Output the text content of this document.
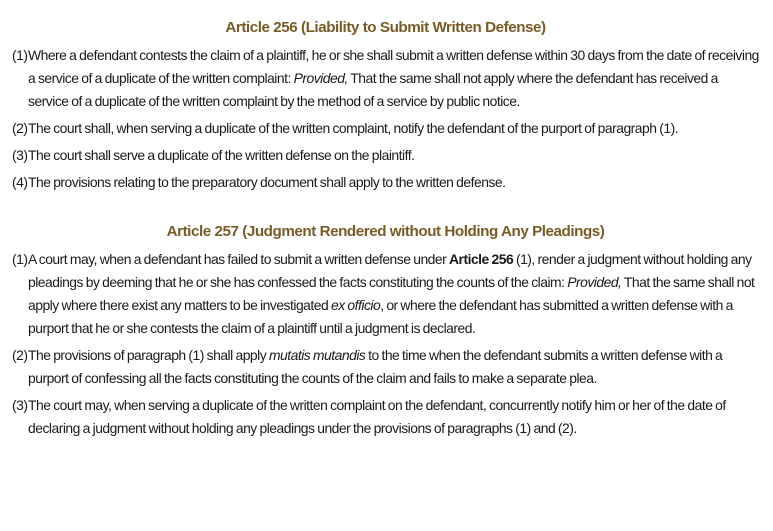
Article 256 (Liability to Submit Written Defense)
(1) Where a defendant contests the claim of a plaintiff, he or she shall submit a written defense within 30 days from the date of receiving a service of a duplicate of the written complaint: Provided, That the same shall not apply where the defendant has received a service of a duplicate of the written complaint by the method of a service by public notice.
(2) The court shall, when serving a duplicate of the written complaint, notify the defendant of the purport of paragraph (1).
(3) The court shall serve a duplicate of the written defense on the plaintiff.
(4) The provisions relating to the preparatory document shall apply to the written defense.
Article 257 (Judgment Rendered without Holding Any Pleadings)
(1) A court may, when a defendant has failed to submit a written defense under Article 256 (1), render a judgment without holding any pleadings by deeming that he or she has confessed the facts constituting the counts of the claim: Provided, That the same shall not apply where there exist any matters to be investigated ex officio, or where the defendant has submitted a written defense with a purport that he or she contests the claim of a plaintiff until a judgment is declared.
(2) The provisions of paragraph (1) shall apply mutatis mutandis to the time when the defendant submits a written defense with a purport of confessing all the facts constituting the counts of the claim and fails to make a separate plea.
(3) The court may, when serving a duplicate of the written complaint on the defendant, concurrently notify him or her of the date of declaring a judgment without holding any pleadings under the provisions of paragraphs (1) and (2).
